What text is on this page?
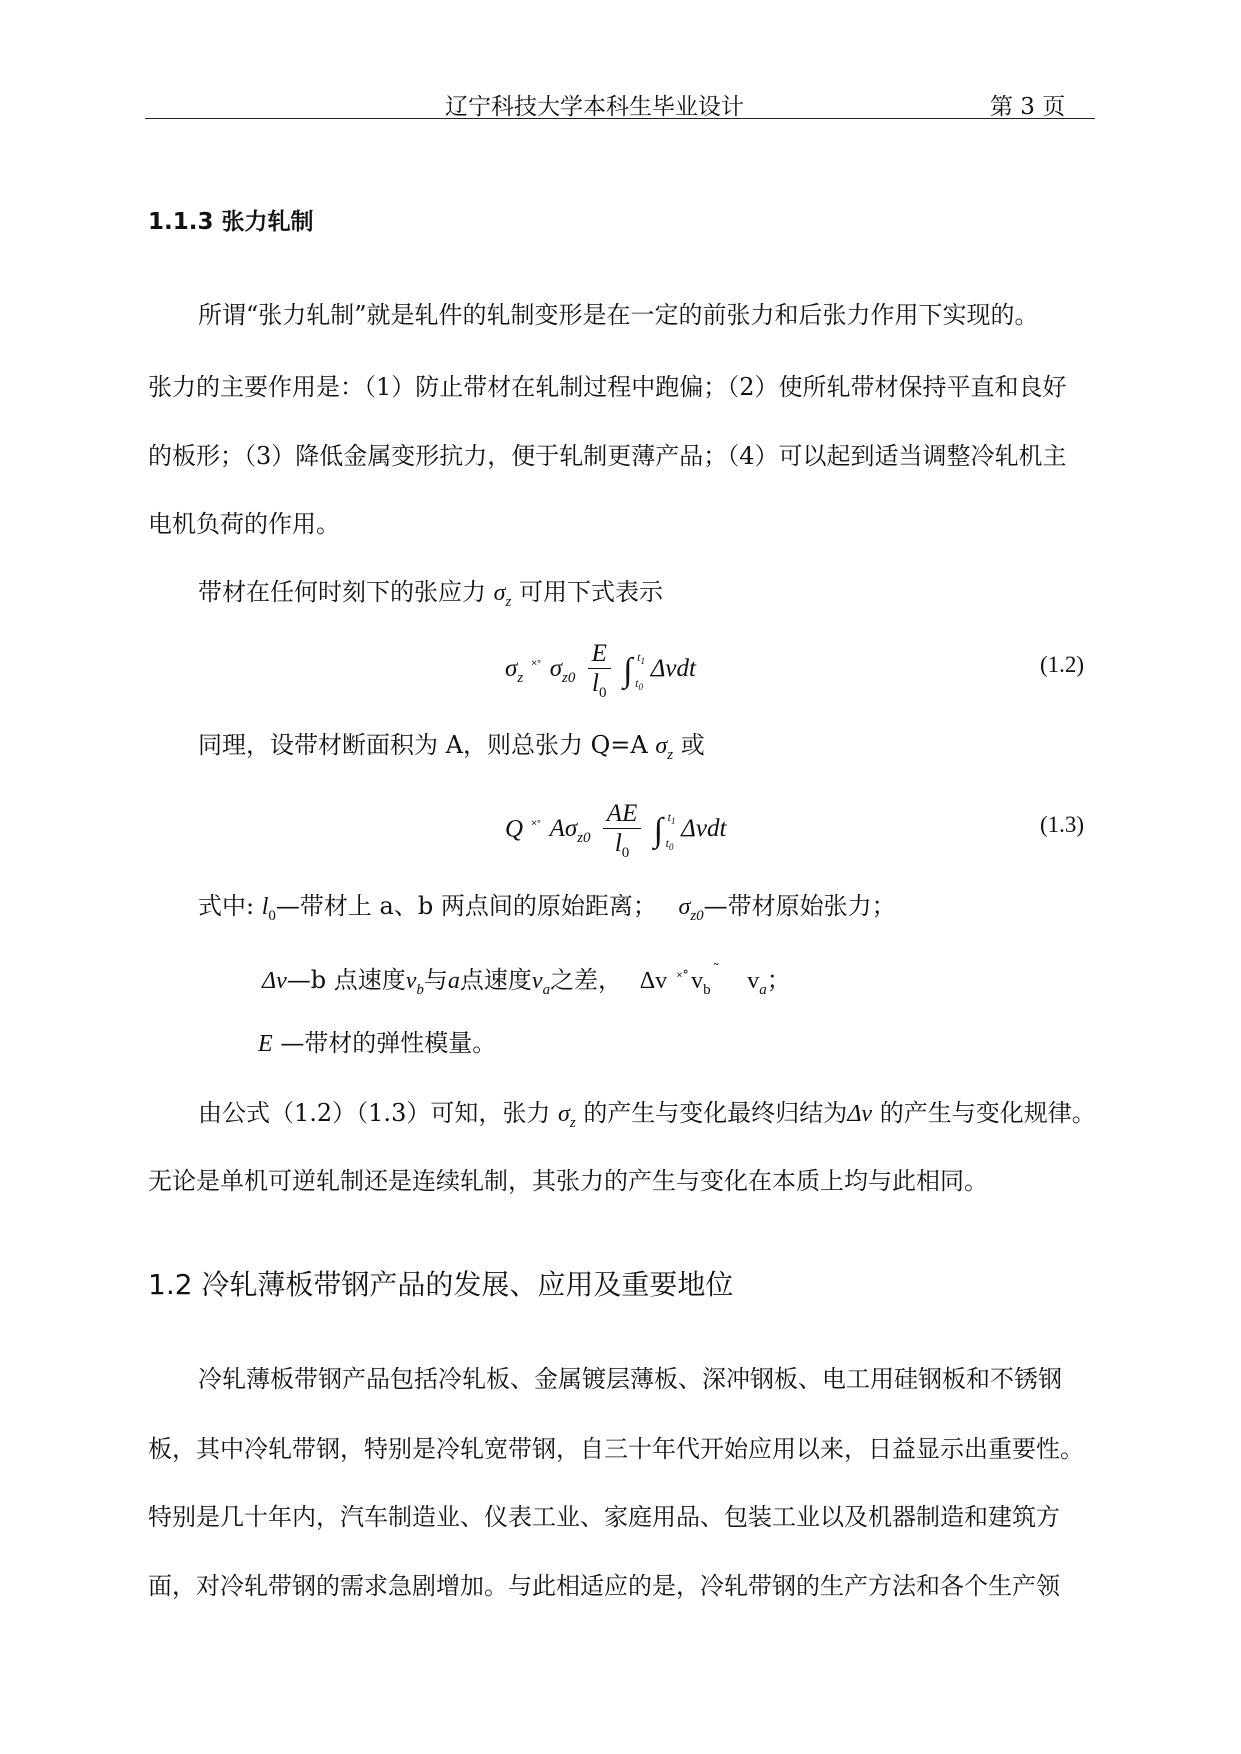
辽宁科技大学本科生毕业设计	第 3 页
1.1.3 张力轧制
所谓“张力轧制”就是轧件的轧制变形是在一定的前张力和后张力作用下实现的。
张力的主要作用是：（1）防止带材在轧制过程中跑偏；（2）使所轧带材保持平直和良好
的板形；（3）降低金属变形抗力，便于轧制更薄产品；（4）可以起到适当调整冷轧机主
电机负荷的作用。
带材在任何时刻下的张应力 $\sigma_z$ 可用下式表示
$\sigma_z$ ˟˚ $\sigma_{z0} \frac{E}{l_0}$ ∫ $t_1$
$t_0$
Δvdt	(1.2)
同理，设带材断面积为 A，则总张力 Q=A $\sigma_z$ 或
Q ˟˚ $A\sigma_{z0} \frac{AE}{l_0}$ ∫ $t_1$
$t_0$
Δvdt	(1.3)
式中: $l_0—$带材上 a、b 两点间的原始距离； $\sigma_{z0}—$带材原始张力；
Δv—b 点速度$v_b$与a点速度$v_a$之差， Δv $^{˟˚}v_b^˜$ $v_a$；
E —带材的弹性模量。
由公式（1.2）（1.3）可知，张力 $\sigma_z$ 的产生与变化最终归结为Δv 的产生与变化规律。
无论是单机可逆轧制还是连续轧制，其张力的产生与变化在本质上均与此相同。
1.2 冷轧薄板带钢产品的发展、应用及重要地位
冷轧薄板带钢产品包括冷轧板、金属镀层薄板、深冲钢板、电工用硅钢板和不锈钢
板，其中冷轧带钢，特别是冷轧宽带钢，自三十年代开始应用以来，日益显示出重要性。
特别是几十年内，汽车制造业、仪表工业、家庭用品、包装工业以及机器制造和建筑方
面，对冷轧带钢的需求急剧增加。与此相适应的是，冷轧带钢的生产方法和各个生产领
